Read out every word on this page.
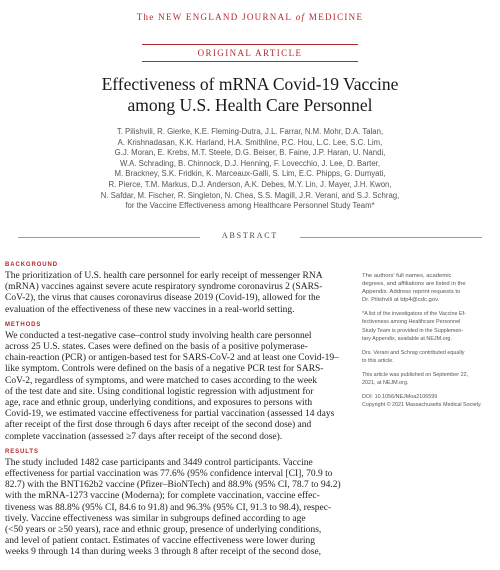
The NEW ENGLAND JOURNAL of MEDICINE
ORIGINAL ARTICLE
Effectiveness of mRNA Covid-19 Vaccine
among U.S. Health Care Personnel
T. Pilishvili, R. Gierke, K.E. Fleming-Dutra, J.L. Farrar, N.M. Mohr, D.A. Talan,
A. Krishnadasan, K.K. Harland, H.A. Smithline, P.C. Hou, L.C. Lee, S.C. Lim,
G.J. Moran, E. Krebs, M.T. Steele, D.G. Beiser, B. Faine, J.P. Haran, U. Nandi,
W.A. Schrading, B. Chinnock, D.J. Henning, F. Lovecchio, J. Lee, D. Barter,
M. Brackney, S.K. Fridkin, K. Marceaux-Galli, S. Lim, E.C. Phipps, G. Dumyati,
R. Pierce, T.M. Markus, D.J. Anderson, A.K. Debes, M.Y. Lin, J. Mayer, J.H. Kwon,
N. Safdar, M. Fischer, R. Singleton, N. Chea, S.S. Magill, J.R. Verani, and S.J. Schrag,
for the Vaccine Effectiveness among Healthcare Personnel Study Team*
ABSTRACT
BACKGROUND
The prioritization of U.S. health care personnel for early receipt of messenger RNA
(mRNA) vaccines against severe acute respiratory syndrome coronavirus 2 (SARS-
CoV-2), the virus that causes coronavirus disease 2019 (Covid-19), allowed for the
evaluation of the effectiveness of these new vaccines in a real-world setting.
METHODS
We conducted a test-negative case–control study involving health care personnel
across 25 U.S. states. Cases were defined on the basis of a positive polymerase-
chain-reaction (PCR) or antigen-based test for SARS-CoV-2 and at least one Covid-19–
like symptom. Controls were defined on the basis of a negative PCR test for SARS-
CoV-2, regardless of symptoms, and were matched to cases according to the week
of the test date and site. Using conditional logistic regression with adjustment for
age, race and ethnic group, underlying conditions, and exposures to persons with
Covid-19, we estimated vaccine effectiveness for partial vaccination (assessed 14 days
after receipt of the first dose through 6 days after receipt of the second dose) and
complete vaccination (assessed ≥7 days after receipt of the second dose).
RESULTS
The study included 1482 case participants and 3449 control participants. Vaccine
effectiveness for partial vaccination was 77.6% (95% confidence interval [CI], 70.9 to
82.7) with the BNT162b2 vaccine (Pfizer–BioNTech) and 88.9% (95% CI, 78.7 to 94.2)
with the mRNA-1273 vaccine (Moderna); for complete vaccination, vaccine effec-
tiveness was 88.8% (95% CI, 84.6 to 91.8) and 96.3% (95% CI, 91.3 to 98.4), respec-
tively. Vaccine effectiveness was similar in subgroups defined according to age
(<50 years or ≥50 years), race and ethnic group, presence of underlying conditions,
and level of patient contact. Estimates of vaccine effectiveness were lower during
weeks 9 through 14 than during weeks 3 through 8 after receipt of the second dose,

The authors’ full names, academic
degrees, and affiliations are listed in the
Appendix. Address reprint requests to
Dr. Pilishvili at tdp4@cdc.gov.

*A list of the investigators of the Vaccine Ef-
fectiveness among Healthcare Personnel
Study Team is provided in the Supplemen-
tary Appendix, available at NEJM.org.

Drs. Verani and Schrag contributed equally
to this article.

This article was published on September 22,
2021, at NEJM.org.

DOI: 10.1056/NEJMoa2106599
Copyright © 2021 Massachusetts Medical Society.
